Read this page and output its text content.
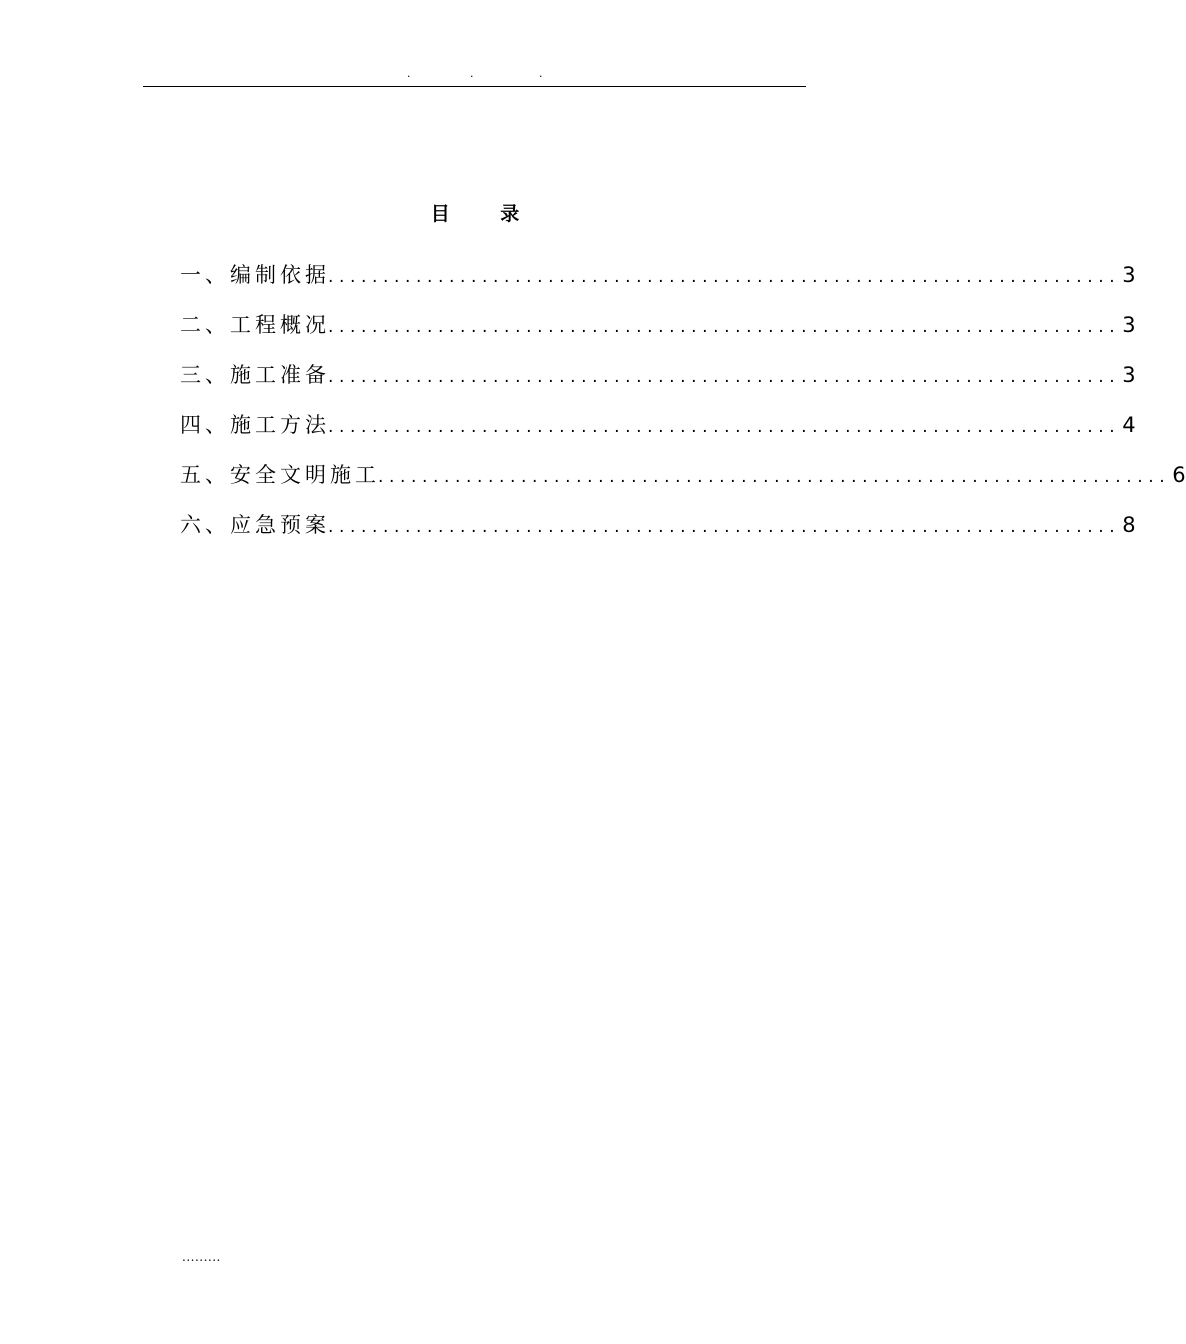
.	.	.
目 录
一、编制依据
........................................................................ 3
二、工程概况
........................................................................ 3
三、施工准备
........................................................................ 3
四、施工方法
........................................................................ 4
五、安全文明施工
........................................................................ 6
六、应急预案
........................................................................ 8
.........
